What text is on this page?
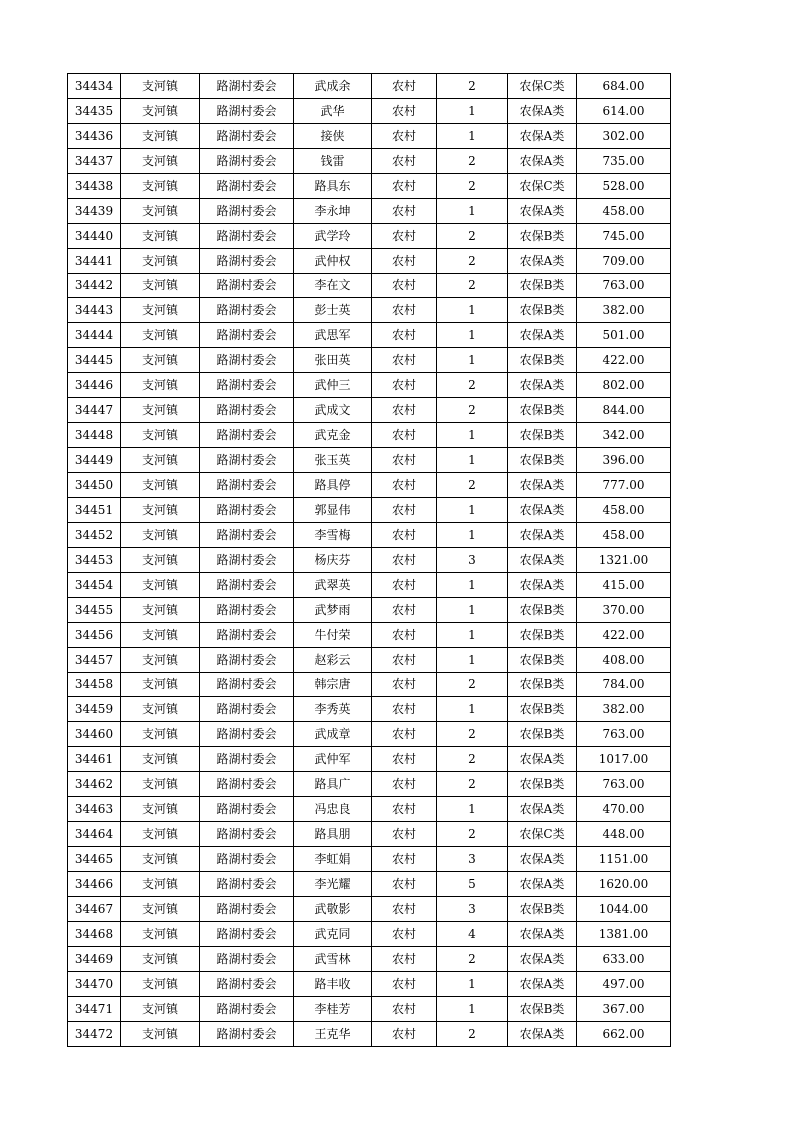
34434	支河镇	路湖村委会	武成余	农村	2	农保C类	684.00
34435	支河镇	路湖村委会	武华	农村	1	农保A类	614.00
34436	支河镇	路湖村委会	接侠	农村	1	农保A类	302.00
34437	支河镇	路湖村委会	钱雷	农村	2	农保A类	735.00
34438	支河镇	路湖村委会	路具东	农村	2	农保C类	528.00
34439	支河镇	路湖村委会	李永坤	农村	1	农保A类	458.00
34440	支河镇	路湖村委会	武学玲	农村	2	农保B类	745.00
34441	支河镇	路湖村委会	武仲权	农村	2	农保A类	709.00
34442	支河镇	路湖村委会	李在文	农村	2	农保B类	763.00
34443	支河镇	路湖村委会	彭士英	农村	1	农保B类	382.00
34444	支河镇	路湖村委会	武思军	农村	1	农保A类	501.00
34445	支河镇	路湖村委会	张田英	农村	1	农保B类	422.00
34446	支河镇	路湖村委会	武仲三	农村	2	农保A类	802.00
34447	支河镇	路湖村委会	武成文	农村	2	农保B类	844.00
34448	支河镇	路湖村委会	武克金	农村	1	农保B类	342.00
34449	支河镇	路湖村委会	张玉英	农村	1	农保B类	396.00
34450	支河镇	路湖村委会	路具停	农村	2	农保A类	777.00
34451	支河镇	路湖村委会	郭显伟	农村	1	农保A类	458.00
34452	支河镇	路湖村委会	李雪梅	农村	1	农保A类	458.00
34453	支河镇	路湖村委会	杨庆芬	农村	3	农保A类	1321.00
34454	支河镇	路湖村委会	武翠英	农村	1	农保A类	415.00
34455	支河镇	路湖村委会	武梦雨	农村	1	农保B类	370.00
34456	支河镇	路湖村委会	牛付荣	农村	1	农保B类	422.00
34457	支河镇	路湖村委会	赵彩云	农村	1	农保B类	408.00
34458	支河镇	路湖村委会	韩宗唐	农村	2	农保B类	784.00
34459	支河镇	路湖村委会	李秀英	农村	1	农保B类	382.00
34460	支河镇	路湖村委会	武成章	农村	2	农保B类	763.00
34461	支河镇	路湖村委会	武仲军	农村	2	农保A类	1017.00
34462	支河镇	路湖村委会	路具广	农村	2	农保B类	763.00
34463	支河镇	路湖村委会	冯忠良	农村	1	农保A类	470.00
34464	支河镇	路湖村委会	路具朋	农村	2	农保C类	448.00
34465	支河镇	路湖村委会	李虹娟	农村	3	农保A类	1151.00
34466	支河镇	路湖村委会	李光耀	农村	5	农保A类	1620.00
34467	支河镇	路湖村委会	武敬影	农村	3	农保B类	1044.00
34468	支河镇	路湖村委会	武克同	农村	4	农保A类	1381.00
34469	支河镇	路湖村委会	武雪林	农村	2	农保A类	633.00
34470	支河镇	路湖村委会	路丰收	农村	1	农保A类	497.00
34471	支河镇	路湖村委会	李桂芳	农村	1	农保B类	367.00
34472	支河镇	路湖村委会	王克华	农村	2	农保A类	662.00
